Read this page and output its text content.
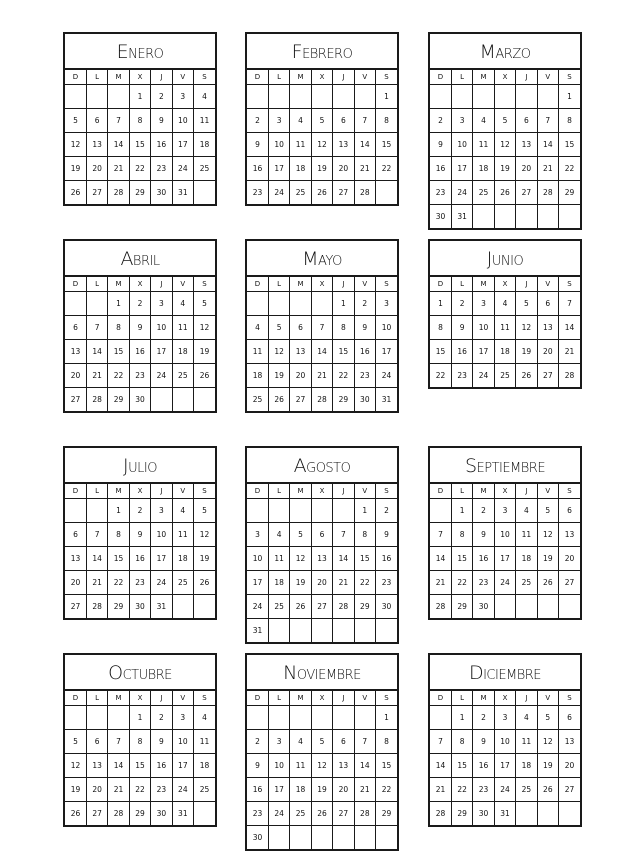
Enero
D	L	M	X	J	V	S
			1	2	3	4
5	6	7	8	9	10	11
12	13	14	15	16	17	18
19	20	21	22	23	24	25
26	27	28	29	30	31	
Febrero
D	L	M	X	J	V	S
						1
2	3	4	5	6	7	8
9	10	11	12	13	14	15
16	17	18	19	20	21	22
23	24	25	26	27	28	
Marzo
D	L	M	X	J	V	S
						1
2	3	4	5	6	7	8
9	10	11	12	13	14	15
16	17	18	19	20	21	22
23	24	25	26	27	28	29
30	31					
Abril
D	L	M	X	J	V	S
		1	2	3	4	5
6	7	8	9	10	11	12
13	14	15	16	17	18	19
20	21	22	23	24	25	26
27	28	29	30			
Mayo
D	L	M	X	J	V	S
				1	2	3
4	5	6	7	8	9	10
11	12	13	14	15	16	17
18	19	20	21	22	23	24
25	26	27	28	29	30	31
Junio
D	L	M	X	J	V	S
1	2	3	4	5	6	7
8	9	10	11	12	13	14
15	16	17	18	19	20	21
22	23	24	25	26	27	28
Julio
D	L	M	X	J	V	S
		1	2	3	4	5
6	7	8	9	10	11	12
13	14	15	16	17	18	19
20	21	22	23	24	25	26
27	28	29	30	31		
Agosto
D	L	M	X	J	V	S
					1	2
3	4	5	6	7	8	9
10	11	12	13	14	15	16
17	18	19	20	21	22	23
24	25	26	27	28	29	30
31						
Septiembre
D	L	M	X	J	V	S
	1	2	3	4	5	6
7	8	9	10	11	12	13
14	15	16	17	18	19	20
21	22	23	24	25	26	27
28	29	30				
Octubre
D	L	M	X	J	V	S
			1	2	3	4
5	6	7	8	9	10	11
12	13	14	15	16	17	18
19	20	21	22	23	24	25
26	27	28	29	30	31	
Noviembre
D	L	M	X	J	V	S
						1
2	3	4	5	6	7	8
9	10	11	12	13	14	15
16	17	18	19	20	21	22
23	24	25	26	27	28	29
30						
Diciembre
D	L	M	X	J	V	S
	1	2	3	4	5	6
7	8	9	10	11	12	13
14	15	16	17	18	19	20
21	22	23	24	25	26	27
28	29	30	31			
